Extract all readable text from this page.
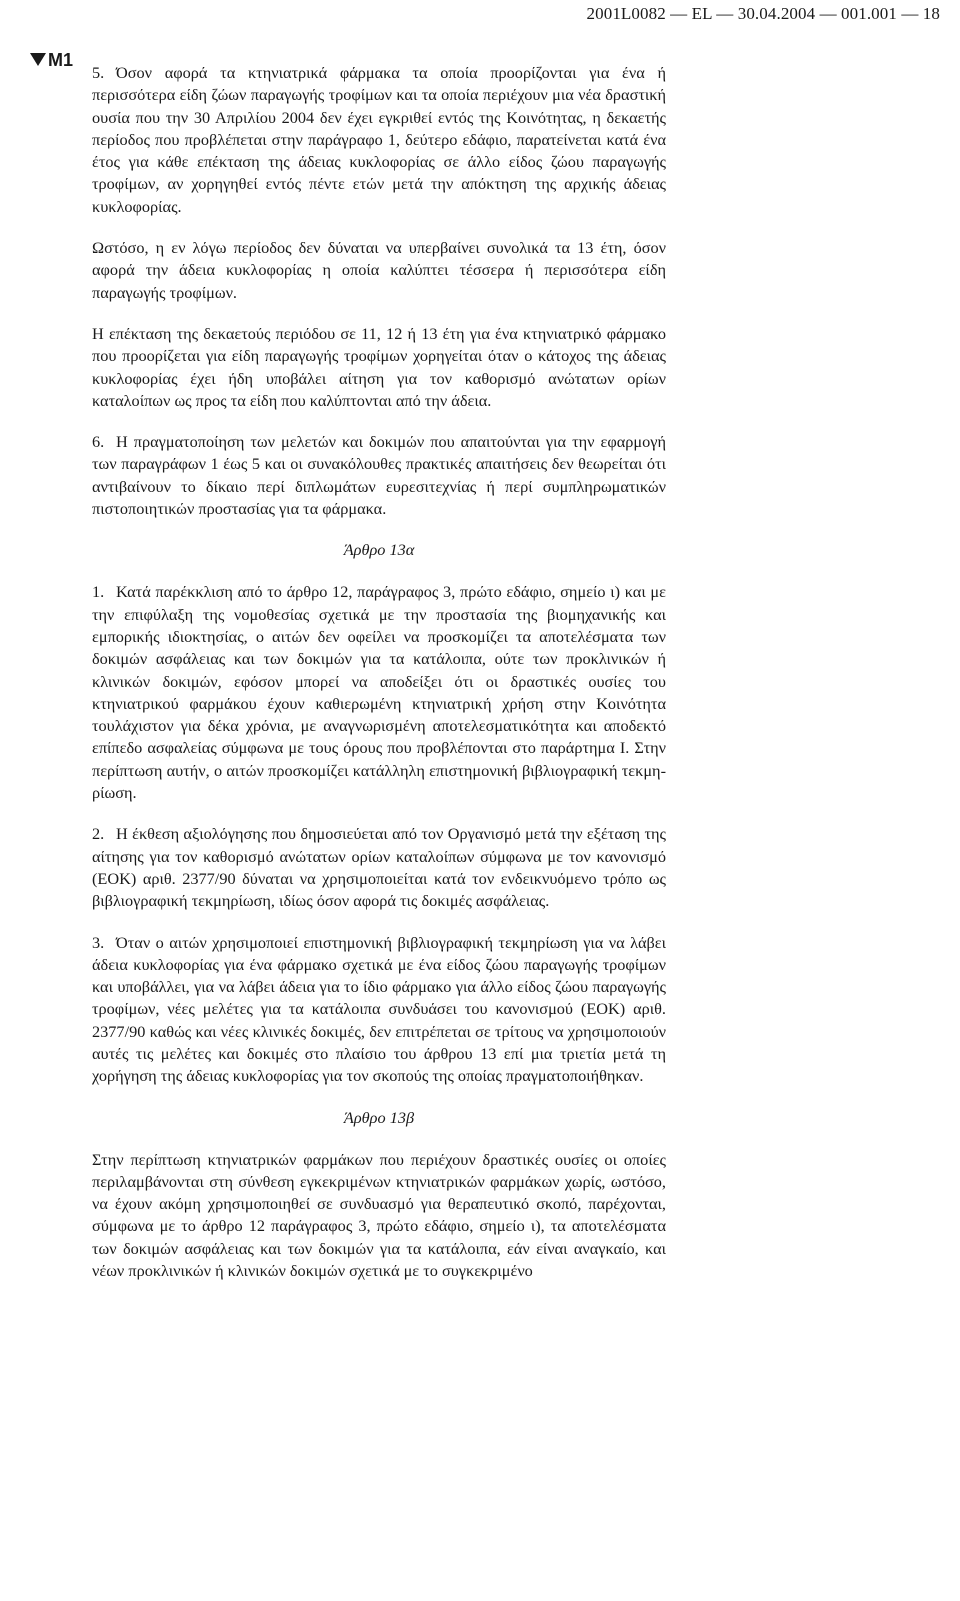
2001L0082 — EL — 30.04.2004 — 001.001 — 18
M1

5. Όσον αφορά τα κτηνιατρικά φάρμακα τα οποία προορίζονται για ένα ή περισσότερα είδη ζώων παραγωγής τροφίμων και τα οποία περιέχουν μια νέα δραστική ουσία που την 30 Απριλίου 2004 δεν έχει εγκριθεί εντός της Κοινότητας, η δεκαετής περίοδος που προβλέπεται στην παράγραφο 1, δεύτερο εδάφιο, παρατείνεται κατά ένα έτος για κάθε επέκταση της άδειας κυκλοφορίας σε άλλο είδος ζώου παραγωγής τροφίμων, αν χορηγηθεί εντός πέντε ετών μετά την απόκτηση της αρχικής άδειας κυκλοφορίας.

Ωστόσο, η εν λόγω περίοδος δεν δύναται να υπερβαίνει συνολικά τα 13 έτη, όσον αφορά την άδεια κυκλοφορίας η οποία καλύπτει τέσσερα ή περισσότερα είδη παραγωγής τροφίμων.

Η επέκταση της δεκαετούς περιόδου σε 11, 12 ή 13 έτη για ένα κτηνιατρικό φάρμακο που προορίζεται για είδη παραγωγής τροφίμων χορηγείται όταν ο κάτοχος της άδειας κυκλοφορίας έχει ήδη υποβάλει αίτηση για τον καθορισμό ανώτατων ορίων καταλοίπων ως προς τα είδη που καλύπτονται από την άδεια.

6. Η πραγματοποίηση των μελετών και δοκιμών που απαιτούνται για την εφαρμογή των παραγράφων 1 έως 5 και οι συνακόλουθες πρακτικές απαιτήσεις δεν θεωρείται ότι αντιβαίνουν το δίκαιο περί διπλωμάτων ευρεσιτεχνίας ή περί συμπληρωματικών πιστοποιητικών προστασίας για τα φάρμακα.

Άρθρο 13α

1. Κατά παρέκκλιση από το άρθρο 12, παράγραφος 3, πρώτο εδάφιο, σημείο ι) και με την επιφύλαξη της νομοθεσίας σχετικά με την προστασία της βιομηχανικής και εμπορικής ιδιοκτησίας, ο αιτών δεν οφείλει να προσκομίζει τα αποτελέσματα των δοκιμών ασφάλειας και των δοκιμών για τα κατάλοιπα, ούτε των προκλινικών ή κλινικών δοκιμών, εφόσον μπορεί να αποδείξει ότι οι δραστικές ουσίες του κτηνιατρικού φαρμάκου έχουν καθιερωμένη κτηνιατρική χρήση στην Κοινότητα τουλάχιστον για δέκα χρόνια, με αναγνωρισμένη αποτελεσματικότητα και αποδεκτό επίπεδο ασφαλείας σύμφωνα με τους όρους που προβλέπονται στο παράρτημα Ι. Στην περίπτωση αυτήν, ο αιτών προσκομίζει κατάλληλη επιστημονική βιβλιογραφική τεκμηρίωση.

2. Η έκθεση αξιολόγησης που δημοσιεύεται από τον Οργανισμό μετά την εξέταση της αίτησης για τον καθορισμό ανώτατων ορίων καταλοίπων σύμφωνα με τον κανονισμό (ΕΟΚ) αριθ. 2377/90 δύναται να χρησιμοποιείται κατά τον ενδεικνυόμενο τρόπο ως βιβλιογραφική τεκμηρίωση, ιδίως όσον αφορά τις δοκιμές ασφάλειας.

3. Όταν ο αιτών χρησιμοποιεί επιστημονική βιβλιογραφική τεκμηρίωση για να λάβει άδεια κυκλοφορίας για ένα φάρμακο σχετικά με ένα είδος ζώου παραγωγής τροφίμων και υποβάλλει, για να λάβει άδεια για το ίδιο φάρμακο για άλλο είδος ζώου παραγωγής τροφίμων, νέες μελέτες για τα κατάλοιπα συνδυάσει του κανονισμού (ΕΟΚ) αριθ. 2377/90 καθώς και νέες κλινικές δοκιμές, δεν επιτρέπεται σε τρίτους να χρησιμοποιούν αυτές τις μελέτες και δοκιμές στο πλαίσιο του άρθρου 13 επί μια τριετία μετά τη χορήγηση της άδειας κυκλοφορίας για τον σκοπούς της οποίας πραγματοποιήθηκαν.

Άρθρο 13β

Στην περίπτωση κτηνιατρικών φαρμάκων που περιέχουν δραστικές ουσίες οι οποίες περιλαμβάνονται στη σύνθεση εγκεκριμένων κτηνιατρικών φαρμάκων χωρίς, ωστόσο, να έχουν ακόμη χρησιμοποιηθεί σε συνδυασμό για θεραπευτικό σκοπό, παρέχονται, σύμφωνα με το άρθρο 12 παράγραφος 3, πρώτο εδάφιο, σημείο ι), τα αποτελέσματα των δοκιμών ασφάλειας και των δοκιμών για τα κατάλοιπα, εάν είναι αναγκαίο, και νέων προκλινικών ή κλινικών δοκιμών σχετικά με το συγκεκριμένο
